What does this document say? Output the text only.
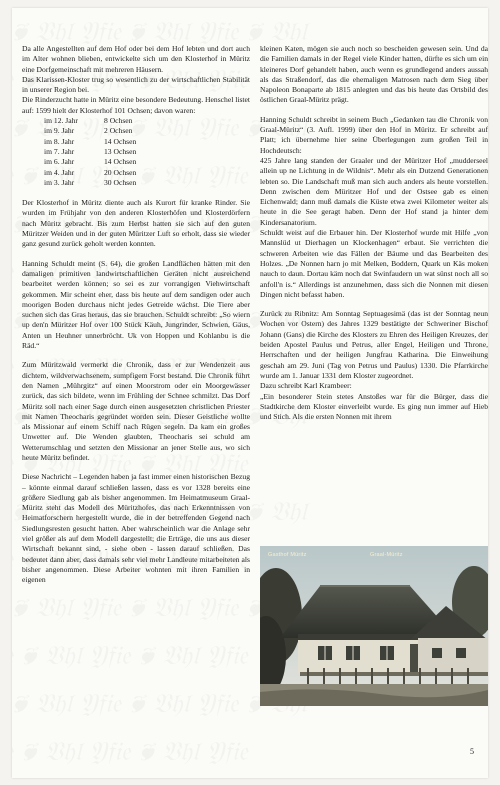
Da alle Angestellten auf dem Hof oder bei dem Hof lebten und dort auch im Alter wohnen blieben, entwickelte sich um den Klosterhof in Müritz eine Dorfgemeinschaft mit mehreren Häusern.

Das Klarissen-Kloster trug so wesentlich zu der wirtschaftlichen Stabilität in unserer Region bei.

Die Rinderzucht hatte in Müritz eine besondere Bedeutung. Henschel listet auf: 1599 hielt der Klosterhof 101 Ochsen; davon waren:

im 12. Jahr	8 Ochsen
im 9. Jahr	2 Ochsen
im 8. Jahr	14 Ochsen
im 7. Jahr	13 Ochsen
im 6. Jahr	14 Ochsen
im 4. Jahr	20 Ochsen
im 3. Jahr	30 Ochsen

Der Klosterhof in Müritz diente auch als Kurort für kranke Rinder. Sie wurden im Frühjahr von den anderen Klosterhöfen und Klosterdörfern nach Müritz gebracht. Bis zum Herbst hatten sie sich auf den guten Müritzer Weiden und in der guten Müritzer Luft so erholt, dass sie wieder ganz gesund zurück geholt werden konnten.

Hanning Schuldt meint (S. 64), die großen Landflächen hätten mit den damaligen primitiven landwirtschaftlichen Geräten nicht ausreichend bearbeitet werden können; so sei es zur vorrangigen Viehwirtschaft gekommen. Mir scheint eher, dass bis heute auf dem sandigen oder auch moorigen Boden durchaus nicht jedes Getreide wächst. Die Tiere aber suchen sich das Gras heraus, das sie brauchen. Schuldt schreibt: „So wiern up den'n Müritzer Hof over 100 Stück Käuh, Jungrinder, Schwien, Gäus, Anten un Heuhner unnerbröcht. Uk von Hoppen und Kohlanbu is die Räd.“

Zum Müritzwald vermerkt die Chronik, dass er zur Wendenzeit aus dichtem, wildverwachsenem, sumpfigem Forst bestand. Die Chronik führt den Namen „Mührgitz“ auf einen Moorstrom oder ein Moorgewässer zurück, das sich bildete, wenn im Frühling der Schnee schmilzt. Das Dorf Müritz soll nach einer Sage durch einen ausgesetzten christlichen Priester mit Namen Theocharis gegründet worden sein. Dieser Geistliche wollte als Missionar auf einem Schiff nach Rügen segeln. Da kam ein großes Unwetter auf. Die Wenden glaubten, Theocharis sei schuld am Wetterumschlag und setzten den Missionar an jener Stelle aus, wo sich heute Müritz befindet.

Diese Nachricht – Legenden haben ja fast immer einen historischen Bezug – könnte einmal darauf schließen lassen, dass es vor 1328 bereits eine größere Siedlung gab als bisher angenommen. Im Heimatmuseum Graal-Müritz steht das Modell des Müritzhofes, das nach Erkenntnissen von Heimatforschern hergestellt wurde, die in der betreffenden Gegend nach Siedlungsresten gesucht hatten. Aber wahrscheinlich war die Anlage sehr viel größer als auf dem Modell dargestellt; die Erträge, die uns aus dieser Wirtschaft bekannt sind, - siehe oben - lassen darauf schließen. Das bedeutet dann aber, dass damals sehr viel mehr Landleute mitarbeiteten als bisher angenommen. Diese Arbeiter wohnten mit ihren Familien in eigenen

kleinen Katen, mögen sie auch noch so bescheiden gewesen sein. Und da die Familien damals in der Regel viele Kinder hatten, dürfte es sich um ein kleineres Dorf gehandelt haben, auch wenn es grundlegend anders aussah als das Straßendorf, das die ehemaligen Matrosen nach dem Sieg über Napoleon Bonaparte ab 1815 anlegten und das bis heute das Ortsbild des östlichen Graal-Müritz prägt.

Hanning Schuldt schreibt in seinem Buch „Gedanken tau die Chronik von Graal-Müritz“ (3. Aufl. 1999) über den Hof in Müritz. Er schreibt auf Platt; ich übernehme hier seine Überlegungen zum großen Teil in Hochdeutsch:

425 Jahre lang standen der Graaler und der Müritzer Hof „mudderseel allein up ne Lichtung in de Wildnis“. Mehr als ein Dutzend Generationen lebten so. Die Landschaft muß man sich auch anders als heute vorstellen. Denn zwischen dem Müritzer Hof und der Ostsee gab es einen Eichenwald; dann muß damals die Küste etwa zwei Kilometer weiter als heute in die See geragt haben. Denn der Hof stand ja hinter dem Kindersanatorium.

Schuldt weist auf die Erbauer hin. Der Klosterhof wurde mit Hilfe „von Mannslüd ut Dierhagen un Klockenhagen“ erbaut. Sie verrichten die schweren Arbeiten wie das Fällen der Bäume und das Bearbeiten des Holzes. „De Nonnen harn jo mit Melken, Boddern, Quark un Käs moken nauch to daun. Dortau käm noch dat Swinfaudern un wat sünst noch all so anfoll'n is.“ Allerdings ist anzunehmen, dass sich die Nonnen mit diesen Dingen nicht befasst haben.

Zurück zu Ribnitz: Am Sonntag Septuagesimä (das ist der Sonntag neun Wochen vor Ostern) des Jahres 1329 bestätigte der Schweriner Bischof Johann (Gans) die Kirche des Klosters zu Ehren des Heiligen Kreuzes, der beiden Apostel Paulus und Petrus, aller Engel, Heiligen und Throne, Herrschaften und der heiligen Jungfrau Katharina. Die Einweihung geschah am 29. Juni (Tag von Petrus und Paulus) 1330. Die Pfarrkirche wurde am 1. Januar 1331 dem Kloster zugeordnet.

Dazu schreibt Karl Krambeer:

„Ein besonderer Stein stetes Anstoßes war für die Bürger, dass die Stadtkirche dem Kloster einverleibt wurde. Es ging nun immer auf Hieb und Stich. Als die ersten Nonnen mit ihrem

Gasthof Müritz	Graal-Müritz
5
